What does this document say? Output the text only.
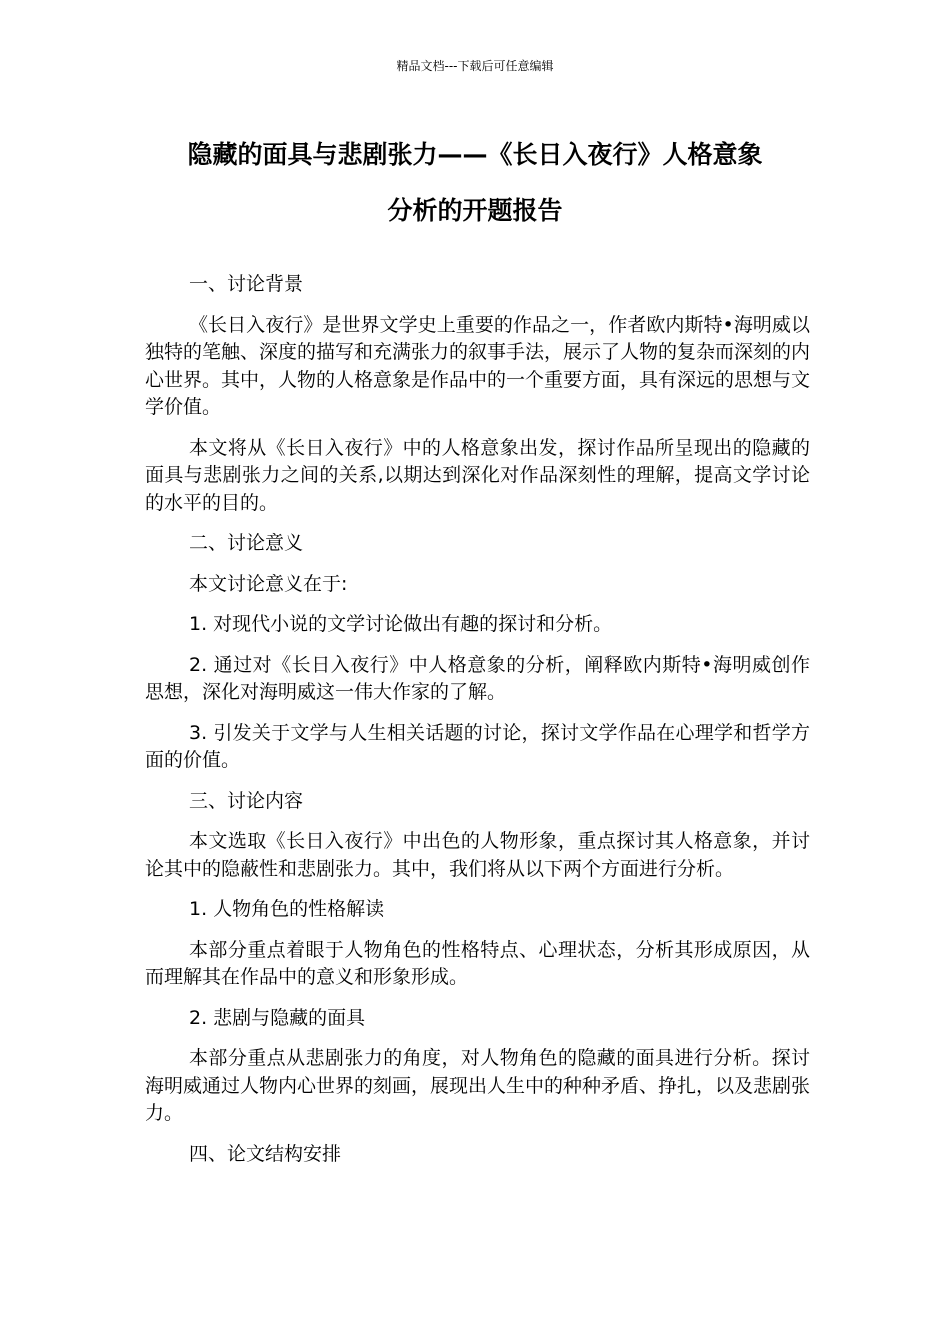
精品文档---下载后可任意编辑
隐藏的面具与悲剧张力——《长日入夜行》人格意象
分析的开题报告

一、讨论背景

《长日入夜行》是世界文学史上重要的作品之一，作者欧内斯特•海明威以独特的笔触、深度的描写和充满张力的叙事手法，展示了人物的复杂而深刻的内心世界。其中，人物的人格意象是作品中的一个重要方面，具有深远的思想与文学价值。

本文将从《长日入夜行》中的人格意象出发，探讨作品所呈现出的隐藏的面具与悲剧张力之间的关系,以期达到深化对作品深刻性的理解，提高文学讨论的水平的目的。

二、讨论意义

本文讨论意义在于:

1. 对现代小说的文学讨论做出有趣的探讨和分析。

2. 通过对《长日入夜行》中人格意象的分析，阐释欧内斯特•海明威创作思想，深化对海明威这一伟大作家的了解。

3. 引发关于文学与人生相关话题的讨论，探讨文学作品在心理学和哲学方面的价值。

三、讨论内容

本文选取《长日入夜行》中出色的人物形象，重点探讨其人格意象，并讨论其中的隐蔽性和悲剧张力。其中，我们将从以下两个方面进行分析。

1. 人物角色的性格解读

本部分重点着眼于人物角色的性格特点、心理状态，分析其形成原因，从而理解其在作品中的意义和形象形成。

2. 悲剧与隐藏的面具

本部分重点从悲剧张力的角度，对人物角色的隐藏的面具进行分析。探讨海明威通过人物内心世界的刻画，展现出人生中的种种矛盾、挣扎，以及悲剧张力。

四、论文结构安排
